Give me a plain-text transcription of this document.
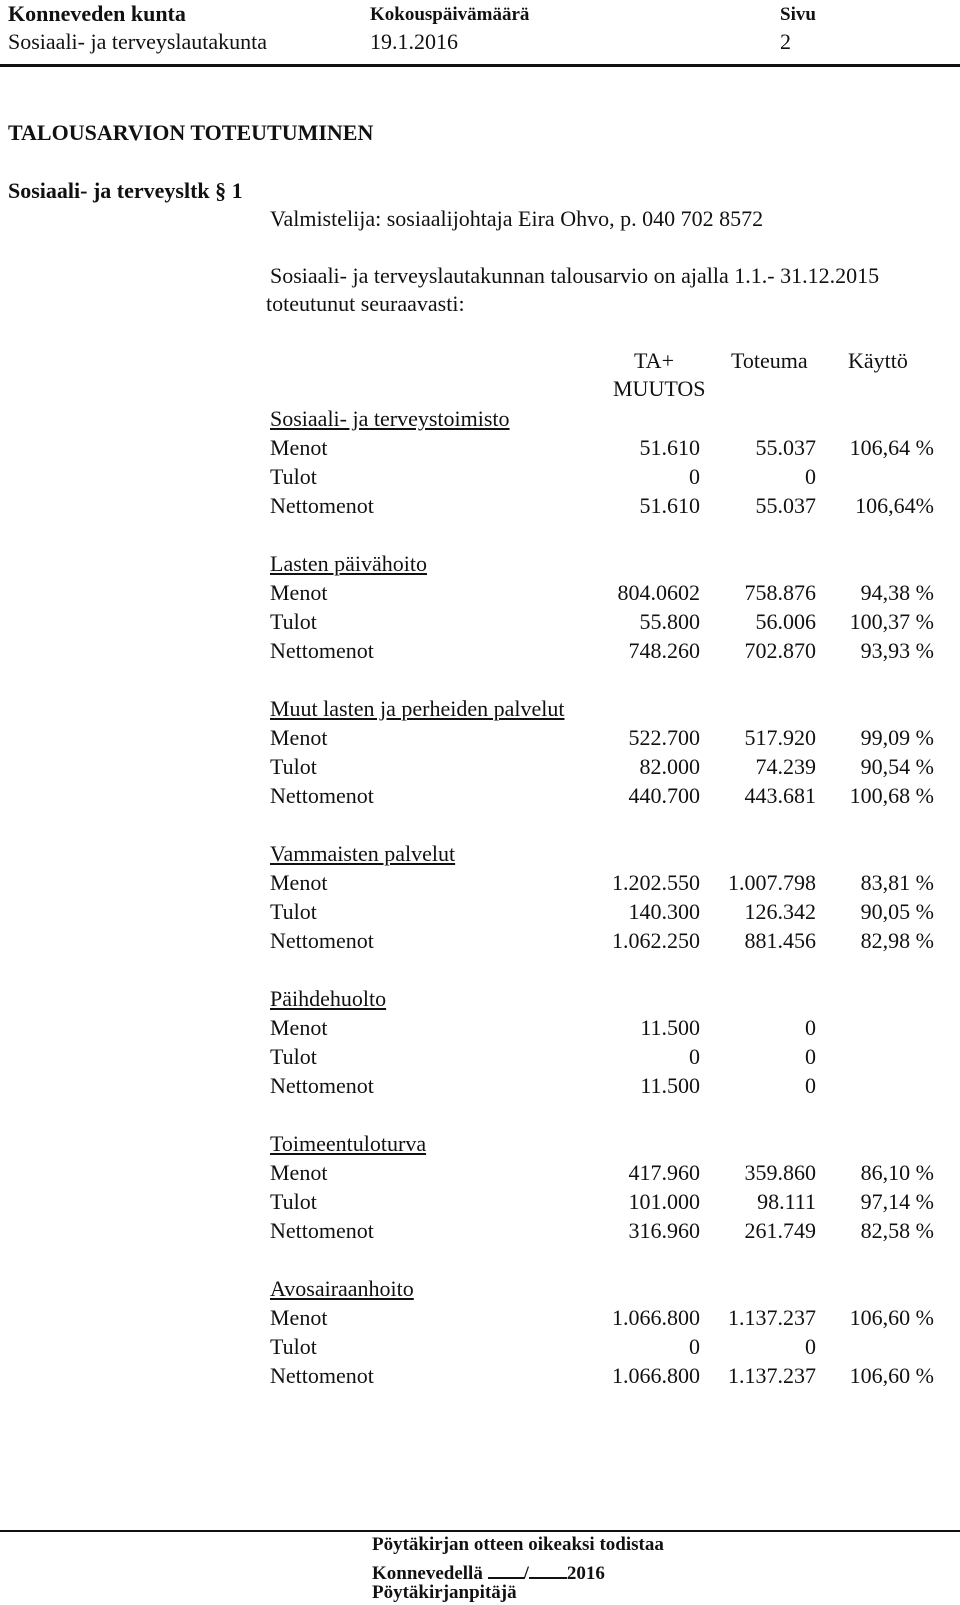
Konneveden kunta
Sosiaali- ja terveyslautakunta
Kokouspäivämäärä
19.1.2016
Sivu
2
TALOUSARVION TOTEUTUMINEN
Sosiaali- ja terveysltk § 1
Valmistelija: sosiaalijohtaja Eira Ohvo, p. 040 702 8572
Sosiaali- ja terveyslautakunnan talousarvio on ajalla 1.1.- 31.12.2015
toteutunut seuraavasti:
TA+
MUUTOS
Toteuma Käyttö
Sosiaali- ja terveystoimisto
Menot	51.610	55.037 106,64 %
Tulot	0	0
Nettomenot	51.610	55.037 106,64%
Lasten päivähoito
Menot	804.0602 758.876 94,38 %
Tulot	55.800	56.006 100,37 %
Nettomenot	748.260 702.870 93,93 %
Muut lasten ja perheiden palvelut
Menot	522.700 517.920 99,09 %
Tulot	82.000	74.239 90,54 %
Nettomenot	440.700 443.681 100,68 %
Vammaisten palvelut
Menot	1.202.550 1.007.798 83,81 %
Tulot	140.300 126.342 90,05 %
Nettomenot	1.062.250 881.456 82,98 %
Päihdehuolto
Menot	11.500	0
Tulot	0	0
Nettomenot	11.500	0
Toimeentuloturva
Menot	417.960 359.860 86,10 %
Tulot	101.000	98.111 97,14 %
Nettomenot	316.960 261.749 82,58 %
Avosairaanhoito
Menot	1.066.800 1.137.237 106,60 %
Tulot	0	0
Nettomenot	1.066.800 1.137.237 106,60 %
Pöytäkirjan otteen oikeaksi todistaa
Konnevedellä / 2016
Pöytäkirjanpitäjä
